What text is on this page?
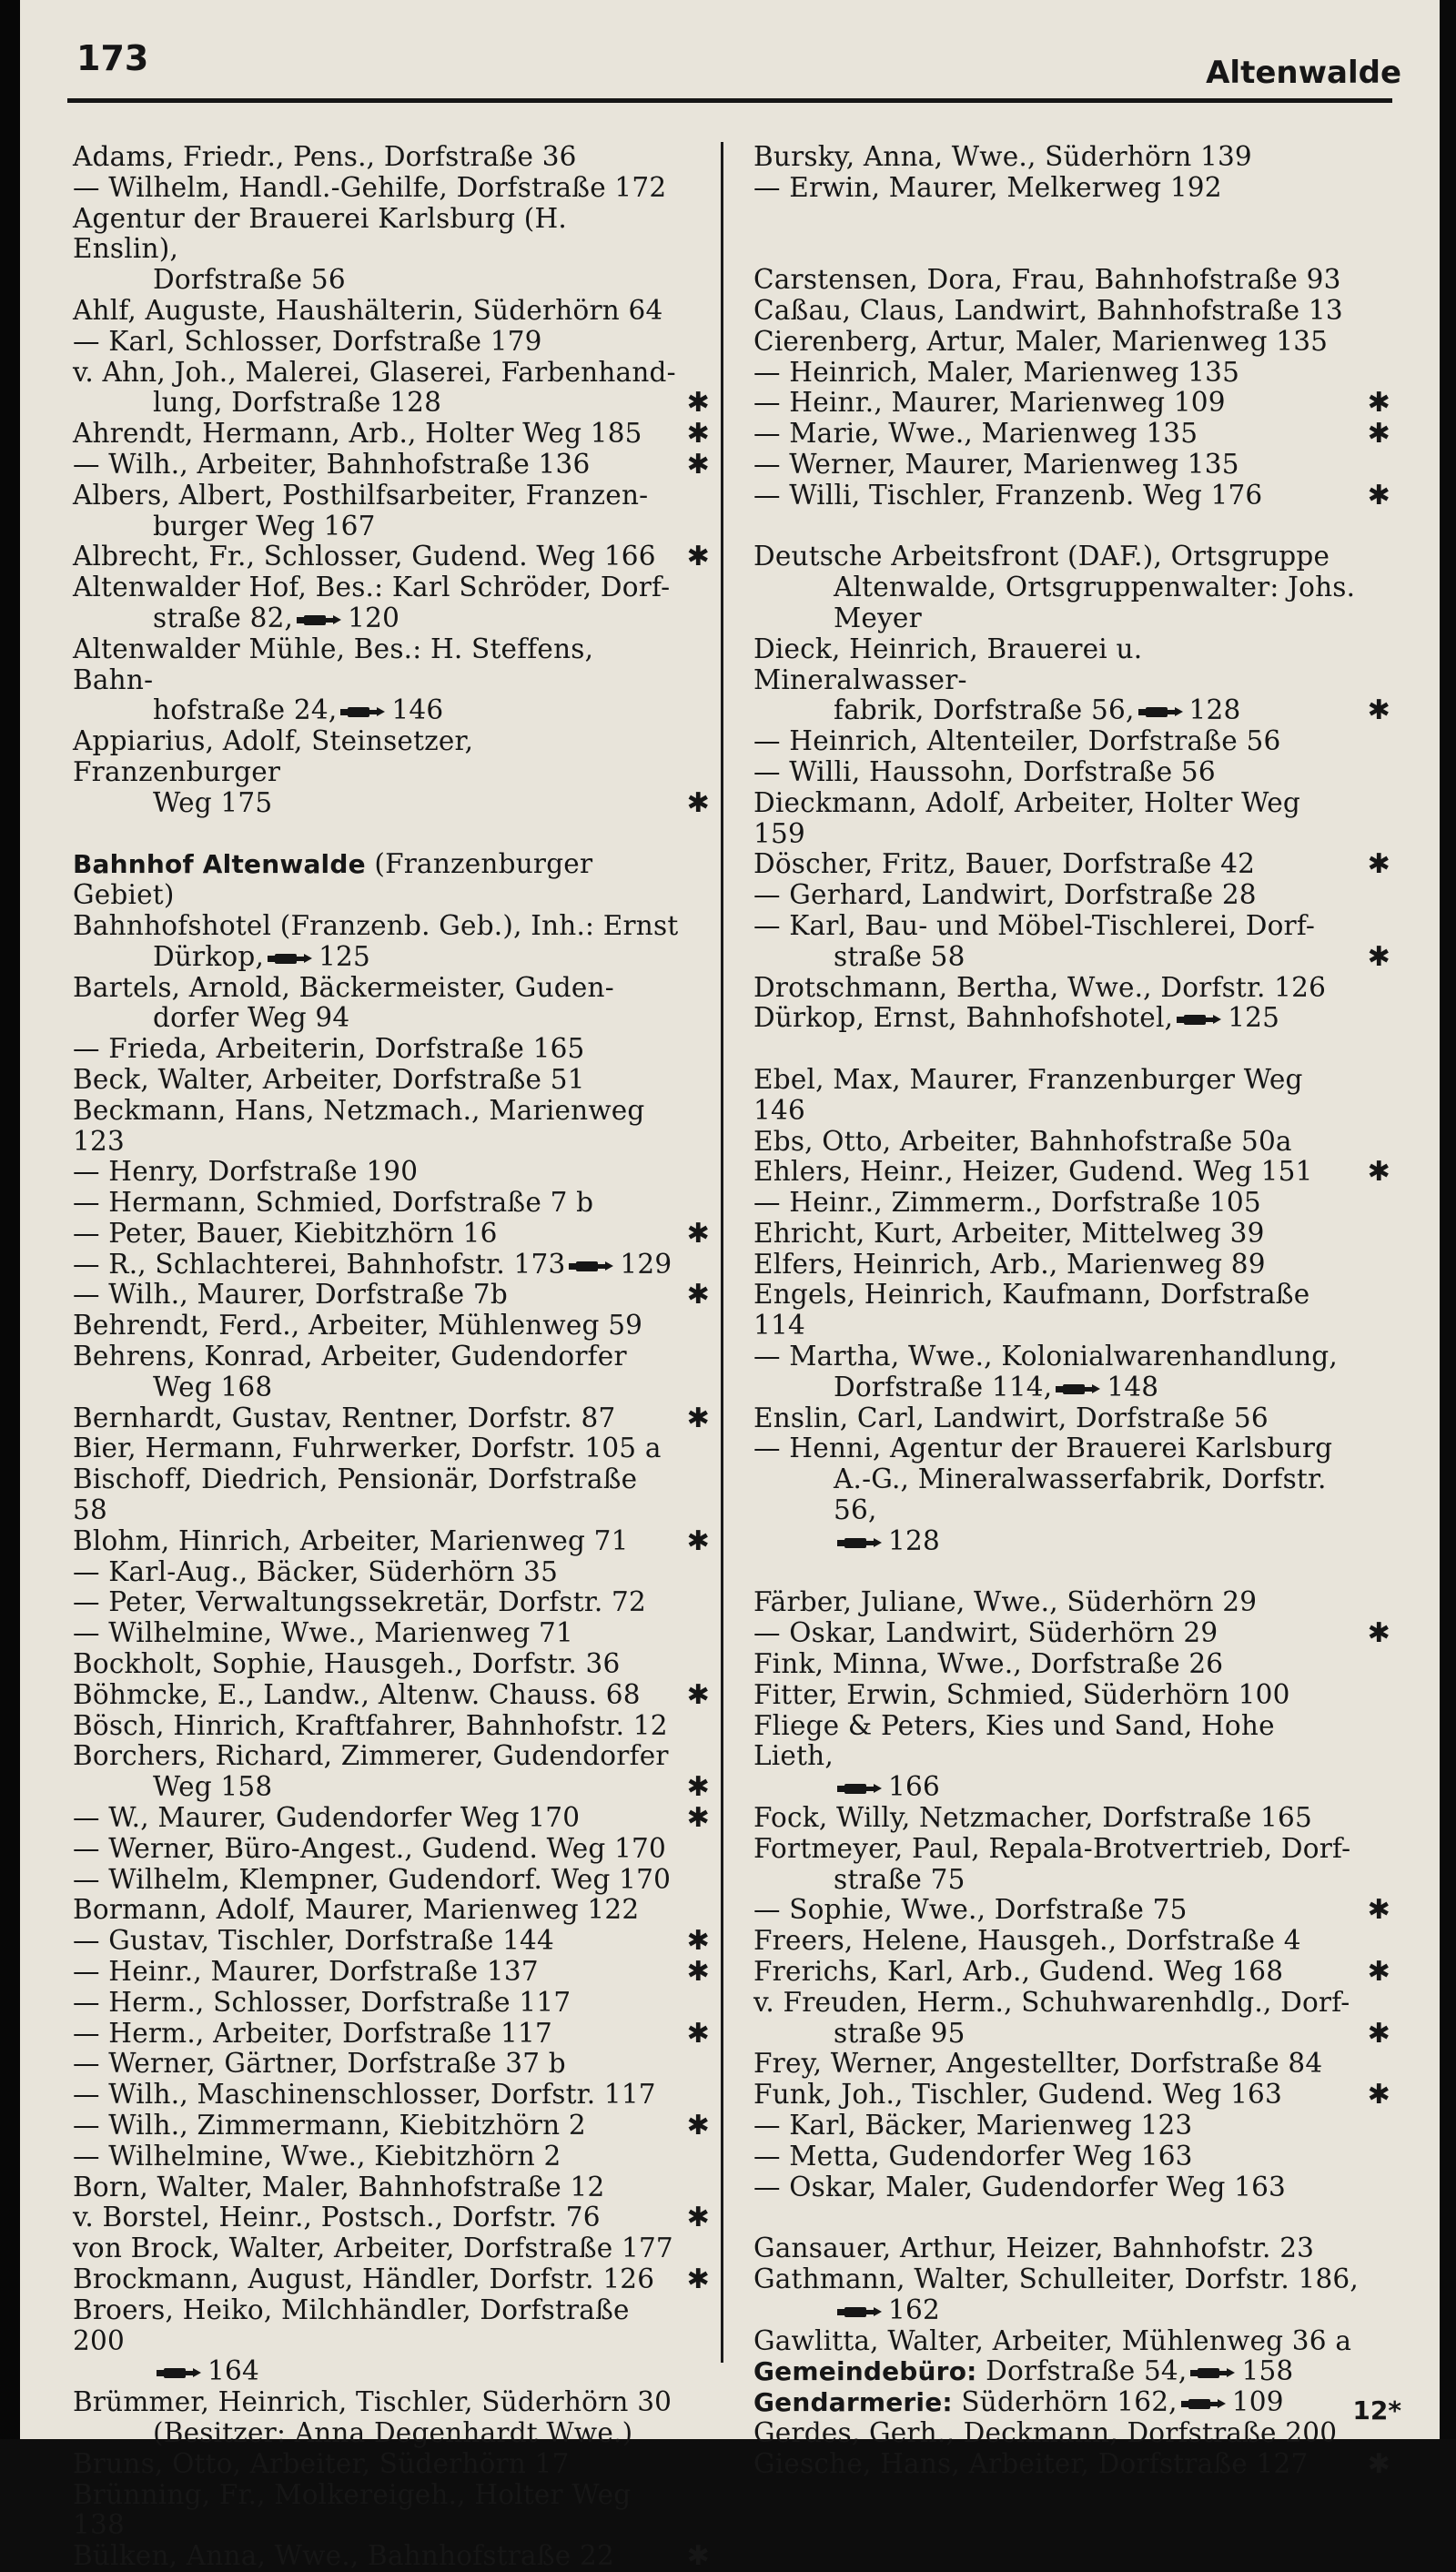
173	Altenwalde
Adams, Friedr., Pens., Dorfstraße 36
— Wilhelm, Handl.-Gehilfe, Dorfstraße 172
Agentur der Brauerei Karlsburg (H. Enslin),
Dorfstraße 56
Ahlf, Auguste, Haushälterin, Süderhörn 64
— Karl, Schlosser, Dorfstraße 179
v. Ahn, Joh., Malerei, Glaserei, Farbenhand-
lung, Dorfstraße 128	✱
Ahrendt, Hermann, Arb., Holter Weg 185	✱
— Wilh., Arbeiter, Bahnhofstraße 136	✱
Albers, Albert, Posthilfsarbeiter, Franzen-
burger Weg 167
Albrecht, Fr., Schlosser, Gudend. Weg 166	✱
Altenwalder Hof, Bes.: Karl Schröder, Dorf-
straße 82, 120
Altenwalder Mühle, Bes.: H. Steffens, Bahn-
hofstraße 24, 146
Appiarius, Adolf, Steinsetzer, Franzenburger
Weg 175	✱
Bahnhof Altenwalde (Franzenburger Gebiet)
Bahnhofshotel (Franzenb. Geb.), Inh.: Ernst
Dürkop, 125
Bartels, Arnold, Bäckermeister, Guden-
dorfer Weg 94
— Frieda, Arbeiterin, Dorfstraße 165
Beck, Walter, Arbeiter, Dorfstraße 51
Beckmann, Hans, Netzmach., Marienweg 123
— Henry, Dorfstraße 190
— Hermann, Schmied, Dorfstraße 7 b
— Peter, Bauer, Kiebitzhörn 16	✱
— R., Schlachterei, Bahnhofstr. 173 129
— Wilh., Maurer, Dorfstraße 7b	✱
Behrendt, Ferd., Arbeiter, Mühlenweg 59
Behrens, Konrad, Arbeiter, Gudendorfer
Weg 168
Bernhardt, Gustav, Rentner, Dorfstr. 87	✱
Bier, Hermann, Fuhrwerker, Dorfstr. 105 a
Bischoff, Diedrich, Pensionär, Dorfstraße 58
Blohm, Hinrich, Arbeiter, Marienweg 71	✱
— Karl-Aug., Bäcker, Süderhörn 35
— Peter, Verwaltungssekretär, Dorfstr. 72
— Wilhelmine, Wwe., Marienweg 71
Bockholt, Sophie, Hausgeh., Dorfstr. 36
Böhmcke, E., Landw., Altenw. Chauss. 68	✱
Bösch, Hinrich, Kraftfahrer, Bahnhofstr. 12
Borchers, Richard, Zimmerer, Gudendorfer
Weg 158	✱
— W., Maurer, Gudendorfer Weg 170	✱
— Werner, Büro-Angest., Gudend. Weg 170
— Wilhelm, Klempner, Gudendorf. Weg 170
Bormann, Adolf, Maurer, Marienweg 122
— Gustav, Tischler, Dorfstraße 144	✱
— Heinr., Maurer, Dorfstraße 137	✱
— Herm., Schlosser, Dorfstraße 117
— Herm., Arbeiter, Dorfstraße 117	✱
— Werner, Gärtner, Dorfstraße 37 b
— Wilh., Maschinenschlosser, Dorfstr. 117
— Wilh., Zimmermann, Kiebitzhörn 2	✱
— Wilhelmine, Wwe., Kiebitzhörn 2
Born, Walter, Maler, Bahnhofstraße 12
v. Borstel, Heinr., Postsch., Dorfstr. 76	✱
von Brock, Walter, Arbeiter, Dorfstraße 177
Brockmann, August, Händler, Dorfstr. 126	✱
Broers, Heiko, Milchhändler, Dorfstraße 200
164
Brümmer, Heinrich, Tischler, Süderhörn 30
(Besitzer: Anna Degenhardt Wwe.)
Bruns, Otto, Arbeiter, Süderhörn 17
Brünning, Fr., Molkereigeh., Holter Weg 138
Bülken, Anna, Wwe., Bahnhofstraße 22	✱
Bursky, Anna, Wwe., Süderhörn 139
— Erwin, Maurer, Melkerweg 192
Carstensen, Dora, Frau, Bahnhofstraße 93
Caßau, Claus, Landwirt, Bahnhofstraße 13
Cierenberg, Artur, Maler, Marienweg 135
— Heinrich, Maler, Marienweg 135
— Heinr., Maurer, Marienweg 109	✱
— Marie, Wwe., Marienweg 135	✱
— Werner, Maurer, Marienweg 135
— Willi, Tischler, Franzenb. Weg 176	✱
Deutsche Arbeitsfront (DAF.), Ortsgruppe
Altenwalde, Ortsgruppenwalter: Johs.
Meyer
Dieck, Heinrich, Brauerei u. Mineralwasser-
fabrik, Dorfstraße 56, 128	✱
— Heinrich, Altenteiler, Dorfstraße 56
— Willi, Haussohn, Dorfstraße 56
Dieckmann, Adolf, Arbeiter, Holter Weg 159
Döscher, Fritz, Bauer, Dorfstraße 42	✱
— Gerhard, Landwirt, Dorfstraße 28
— Karl, Bau- und Möbel-Tischlerei, Dorf-
straße 58	✱
Drotschmann, Bertha, Wwe., Dorfstr. 126
Dürkop, Ernst, Bahnhofshotel, 125
Ebel, Max, Maurer, Franzenburger Weg 146
Ebs, Otto, Arbeiter, Bahnhofstraße 50a
Ehlers, Heinr., Heizer, Gudend. Weg 151	✱
— Heinr., Zimmerm., Dorfstraße 105
Ehricht, Kurt, Arbeiter, Mittelweg 39
Elfers, Heinrich, Arb., Marienweg 89
Engels, Heinrich, Kaufmann, Dorfstraße 114
— Martha, Wwe., Kolonialwarenhandlung,
Dorfstraße 114, 148
Enslin, Carl, Landwirt, Dorfstraße 56
— Henni, Agentur der Brauerei Karlsburg
A.-G., Mineralwasserfabrik, Dorfstr. 56,
128
Färber, Juliane, Wwe., Süderhörn 29
— Oskar, Landwirt, Süderhörn 29	✱
Fink, Minna, Wwe., Dorfstraße 26
Fitter, Erwin, Schmied, Süderhörn 100
Fliege & Peters, Kies und Sand, Hohe Lieth,
166
Fock, Willy, Netzmacher, Dorfstraße 165
Fortmeyer, Paul, Repala-Brotvertrieb, Dorf-
straße 75
— Sophie, Wwe., Dorfstraße 75	✱
Freers, Helene, Hausgeh., Dorfstraße 4
Frerichs, Karl, Arb., Gudend. Weg 168	✱
v. Freuden, Herm., Schuhwarenhdlg., Dorf-
straße 95	✱
Frey, Werner, Angestellter, Dorfstraße 84
Funk, Joh., Tischler, Gudend. Weg 163	✱
— Karl, Bäcker, Marienweg 123
— Metta, Gudendorfer Weg 163
— Oskar, Maler, Gudendorfer Weg 163
Gansauer, Arthur, Heizer, Bahnhofstr. 23
Gathmann, Walter, Schulleiter, Dorfstr. 186,
162
Gawlitta, Walter, Arbeiter, Mühlenweg 36 a
Gemeindebüro: Dorfstraße 54, 158
Gendarmerie: Süderhörn 162, 109
Gerdes, Gerh., Deckmann, Dorfstraße 200
Giesche, Hans, Arbeiter, Dorfstraße 127	✱
12*
